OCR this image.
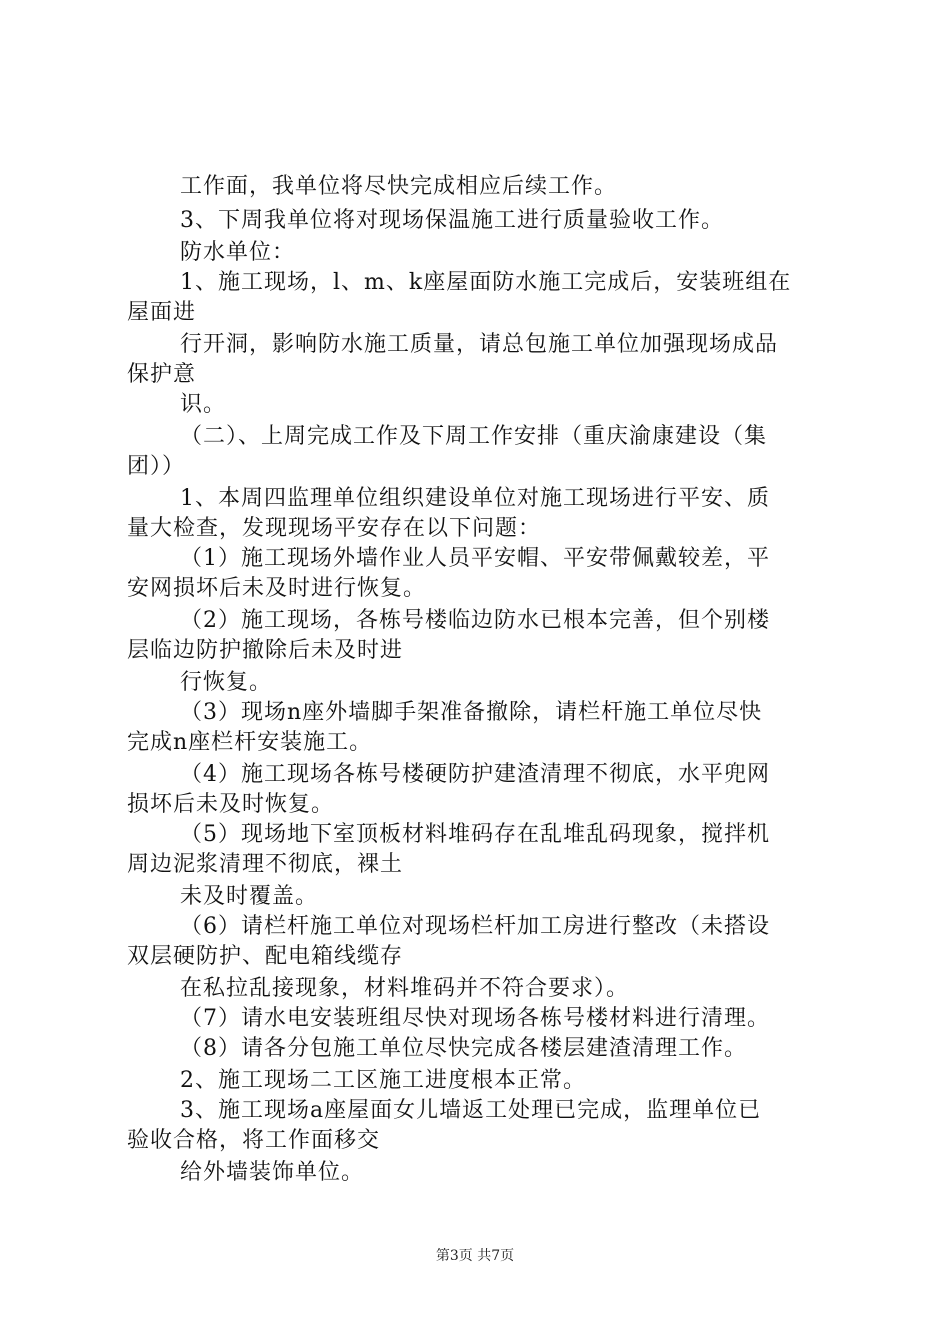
工作面，我单位将尽快完成相应后续工作。
3、下周我单位将对现场保温施工进行质量验收工作。
防水单位：
1、施工现场，l、m、k座屋面防水施工完成后，安装班组在
屋面进
行开洞，影响防水施工质量，请总包施工单位加强现场成品
保护意
识。
（二）、上周完成工作及下周工作安排（重庆渝康建设（集
团））
1、本周四监理单位组织建设单位对施工现场进行平安、质
量大检查，发现现场平安存在以下问题：
（1）施工现场外墙作业人员平安帽、平安带佩戴较差，平
安网损坏后未及时进行恢复。
（2）施工现场，各栋号楼临边防水已根本完善，但个别楼
层临边防护撤除后未及时进
行恢复。
（3）现场n座外墙脚手架准备撤除，请栏杆施工单位尽快
完成n座栏杆安装施工。
（4）施工现场各栋号楼硬防护建渣清理不彻底，水平兜网
损坏后未及时恢复。
（5）现场地下室顶板材料堆码存在乱堆乱码现象，搅拌机
周边泥浆清理不彻底，裸土
未及时覆盖。
（6）请栏杆施工单位对现场栏杆加工房进行整改（未搭设
双层硬防护、配电箱线缆存
在私拉乱接现象，材料堆码并不符合要求）。
（7）请水电安装班组尽快对现场各栋号楼材料进行清理。
（8）请各分包施工单位尽快完成各楼层建渣清理工作。
2、施工现场二工区施工进度根本正常。
3、施工现场a座屋面女儿墙返工处理已完成，监理单位已
验收合格，将工作面移交
给外墙装饰单位。
第3页 共7页
